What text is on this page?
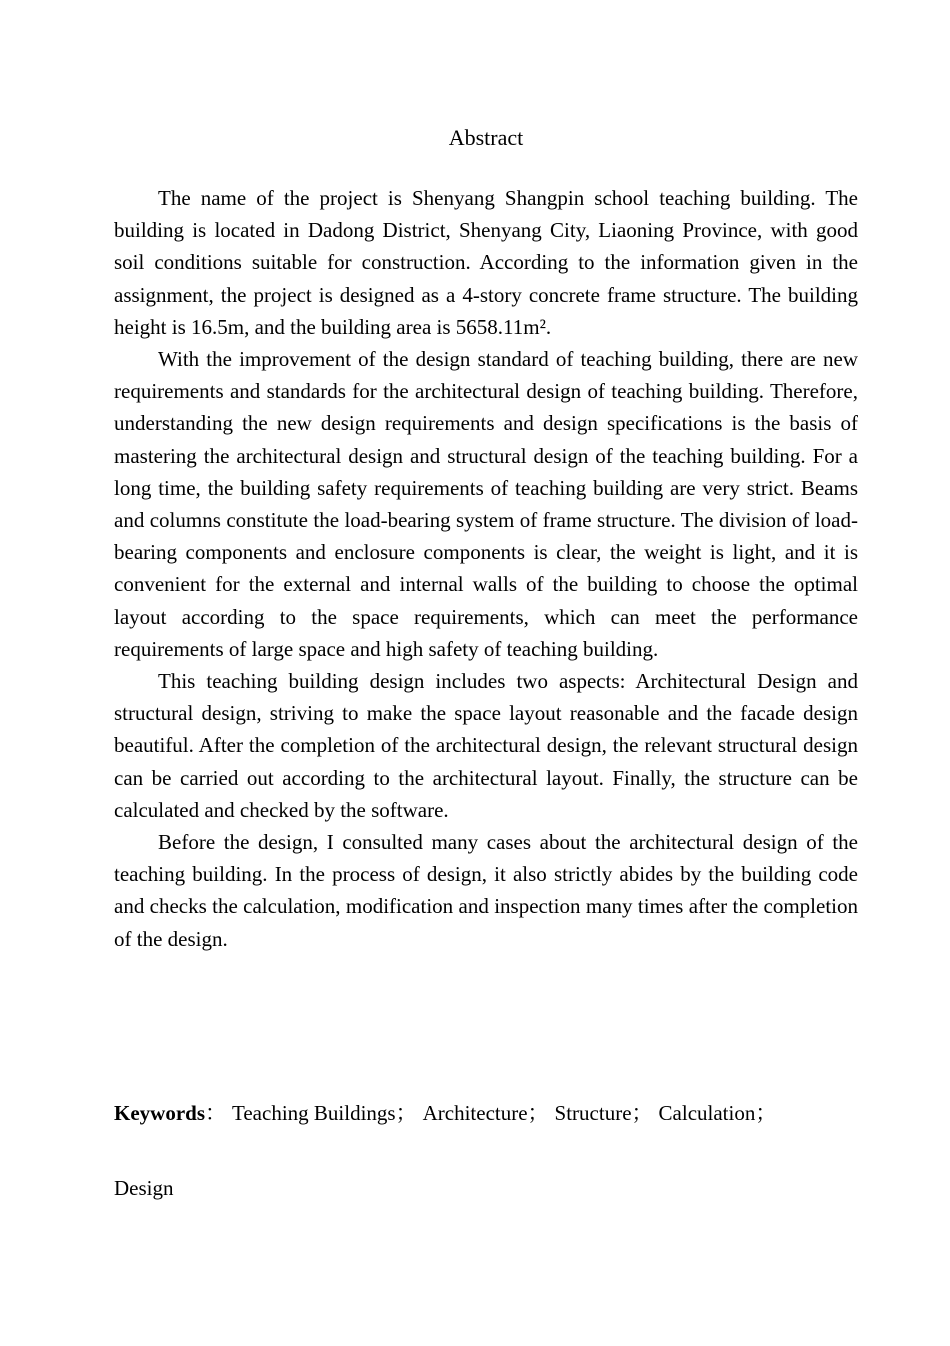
Abstract

The name of the project is Shenyang Shangpin school teaching building. The building is located in Dadong District, Shenyang City, Liaoning Province, with good soil conditions suitable for construction. According to the information given in the assignment, the project is designed as a 4-story concrete frame structure. The building height is 16.5m, and the building area is 5658.11m².

With the improvement of the design standard of teaching building, there are new requirements and standards for the architectural design of teaching building. Therefore, understanding the new design requirements and design specifications is the basis of mastering the architectural design and structural design of the teaching building. For a long time, the building safety requirements of teaching building are very strict. Beams and columns constitute the load-bearing system of frame structure. The division of load-bearing components and enclosure components is clear, the weight is light, and it is convenient for the external and internal walls of the building to choose the optimal layout according to the space requirements, which can meet the performance requirements of large space and high safety of teaching building.

This teaching building design includes two aspects: Architectural Design and structural design, striving to make the space layout reasonable and the facade design beautiful. After the completion of the architectural design, the relevant structural design can be carried out according to the architectural layout. Finally, the structure can be calculated and checked by the software.

Before the design, I consulted many cases about the architectural design of the teaching building. In the process of design, it also strictly abides by the building code and checks the calculation, modification and inspection many times after the completion of the design.

Keywords： Teaching Buildings； Architecture； Structure； Calculation；

Design
